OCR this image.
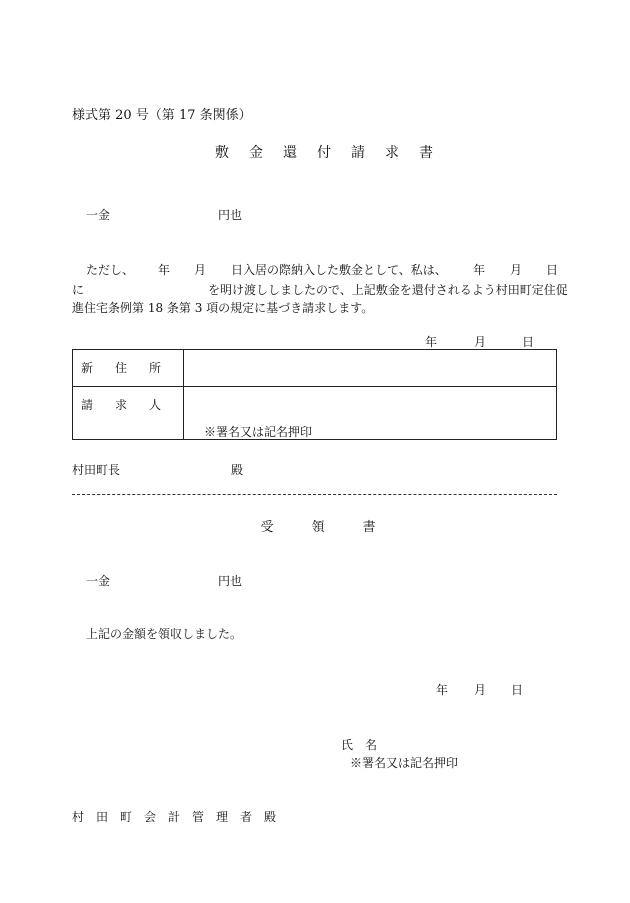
様式第 20 号（第 17 条関係）
敷金還付請求書
一金	円也
ただし、 年 月 日入居の際納入した敷金として、私は、 年 月 日
に	を明け渡ししましたので、上記敷金を還付されるよう村田町定住促
進住宅条例第 18 条第 3 項の規定に基づき請求します。
年	月	日
新住所	
請求人	※署名又は記名押印
村田町長	殿
受領書
一金	円也
上記の金額を領収しました。
年 月 日
氏　名
※署名又は記名押印
村田町会計管理者殿
